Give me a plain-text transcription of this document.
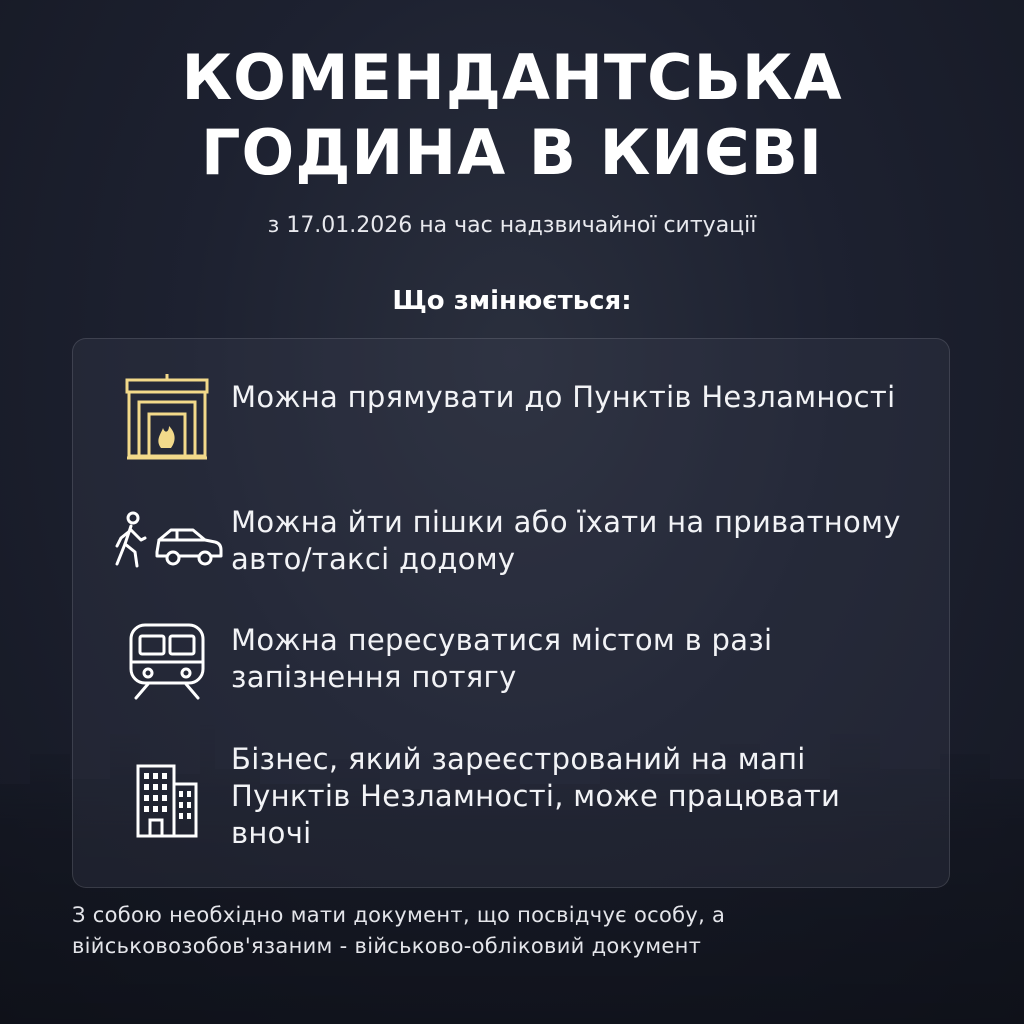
КОМЕНДАНТСЬКА
ГОДИНА В КИЄВІ
з 17.01.2026 на час надзвичайної ситуації
Що змінюється:
Можна прямувати до Пунктів Незламності
Можна йти пішки або їхати на приватному авто/таксі додому
Можна пересуватися містом в разі запізнення потягу
Бізнес, який зареєстрований на мапі Пунктів Незламності, може працювати вночі
З собою необхідно мати документ, що посвідчує особу, а військовозобов'язаним - військово-обліковий документ
